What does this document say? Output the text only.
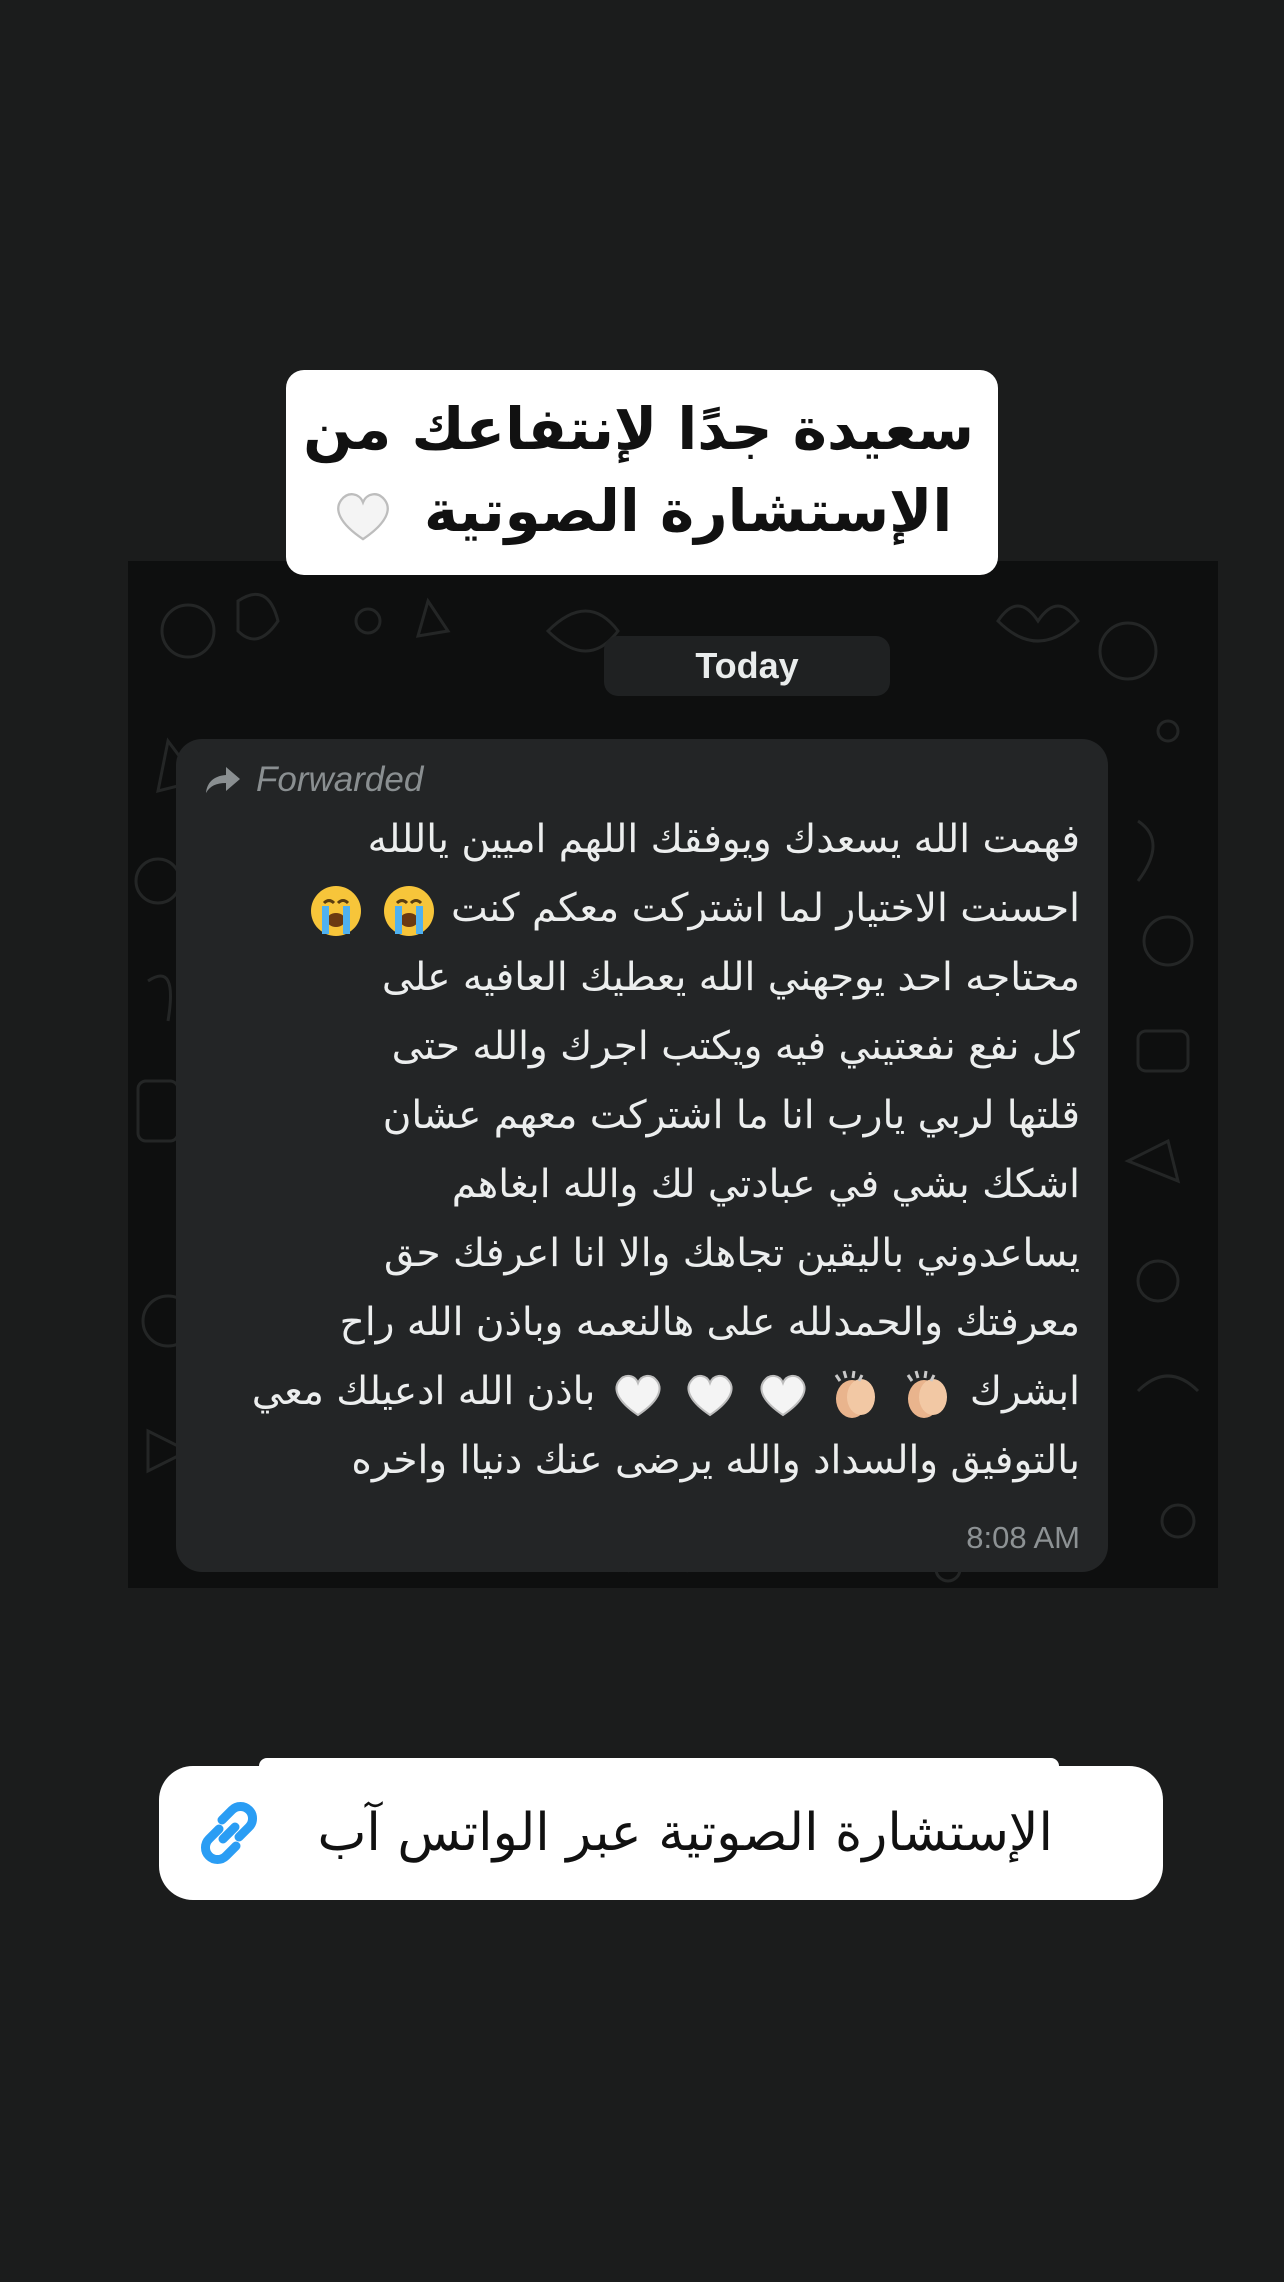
سعيدة جدًا لإنتفاعك من
الإستشارة الصوتية
Today
Forwarded
فهمت الله يسعدك ويوفقك اللهم اميين ياللله
احسنت الاختيار لما اشتركت معكم كنت
محتاجه احد يوجهني الله يعطيك العافيه على
كل نفع نفعتيني فيه ويكتب اجرك والله حتى
قلتها لربي يارب انا ما اشتركت معهم عشان
اشكك بشي في عبادتي لك والله ابغاهم
يساعدوني باليقين تجاهك والا انا اعرفك حق
معرفتك والحمدلله على هالنعمه وباذن الله راح
ابشرك      باذن الله ادعيلك معي
بالتوفيق والسداد والله يرضى عنك دنياا واخره
8:08 AM
الإستشارة الصوتية عبر الواتس آب
